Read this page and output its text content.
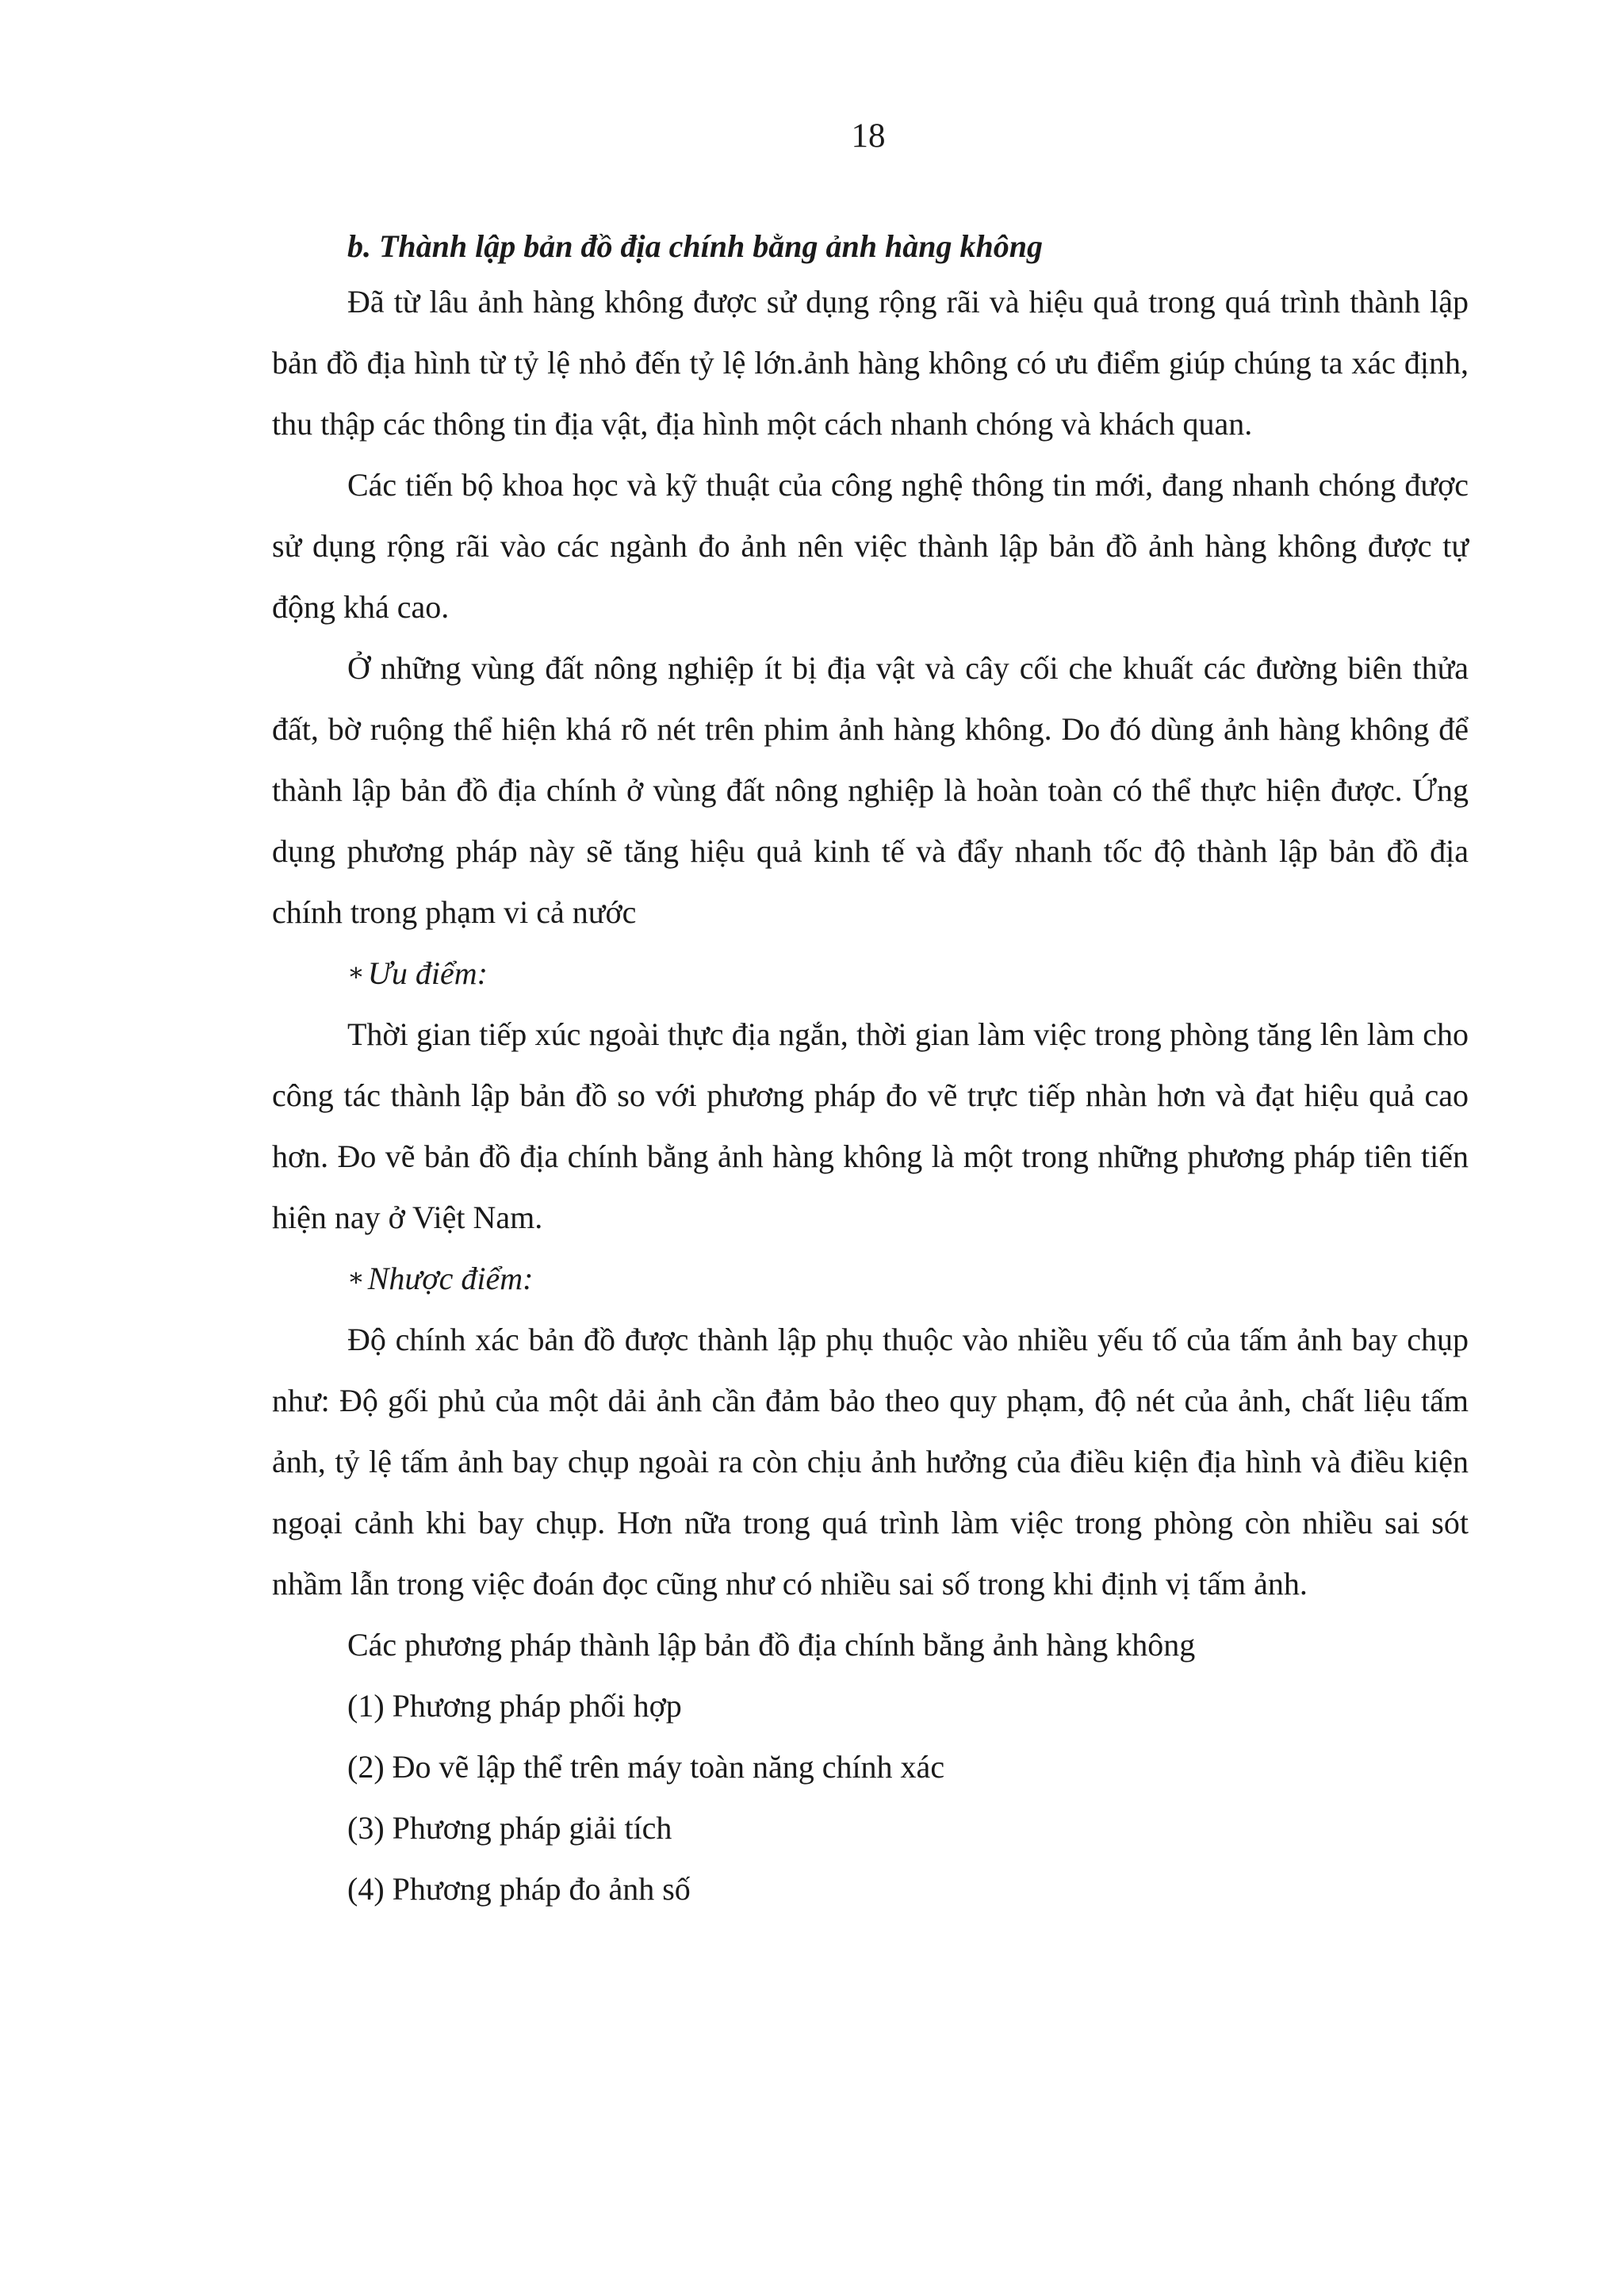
18

b. Thành lập bản đồ địa chính bằng ảnh hàng không

Đã từ lâu ảnh hàng không được sử dụng rộng rãi và hiệu quả trong quá trình thành lập bản đồ địa hình từ tỷ lệ nhỏ đến tỷ lệ lớn.ảnh hàng không có ưu điểm giúp chúng ta xác định, thu thập các thông tin địa vật, địa hình một cách nhanh chóng và khách quan.

Các tiến bộ khoa học và kỹ thuật của công nghệ thông tin mới, đang nhanh chóng được sử dụng rộng rãi vào các ngành đo ảnh nên việc thành lập bản đồ ảnh hàng không được tự động khá cao.

Ở những vùng đất nông nghiệp ít bị địa vật và cây cối che khuất các đường biên thửa đất, bờ ruộng thể hiện khá rõ nét trên phim ảnh hàng không. Do đó dùng ảnh hàng không để thành lập bản đồ địa chính ở vùng đất nông nghiệp là hoàn toàn có thể thực hiện được. Ứng dụng phương pháp này sẽ tăng hiệu quả kinh tế và đẩy nhanh tốc độ thành lập bản đồ địa chính trong phạm vi cả nước

∗ Ưu điểm:

Thời gian tiếp xúc ngoài thực địa ngắn, thời gian làm việc trong phòng tăng lên làm cho công tác thành lập bản đồ so với phương pháp đo vẽ trực tiếp nhàn hơn và đạt hiệu quả cao hơn. Đo vẽ bản đồ địa chính bằng ảnh hàng không là một trong những phương pháp tiên tiến hiện nay ở Việt Nam.

∗ Nhược điểm:

Độ chính xác bản đồ được thành lập phụ thuộc vào nhiều yếu tố của tấm ảnh bay chụp như: Độ gối phủ của một dải ảnh cần đảm bảo theo quy phạm, độ nét của ảnh, chất liệu tấm ảnh, tỷ lệ tấm ảnh bay chụp ngoài ra còn chịu ảnh hưởng của điều kiện địa hình và điều kiện ngoại cảnh khi bay chụp. Hơn nữa trong quá trình làm việc trong phòng còn nhiều sai sót nhầm lẫn trong việc đoán đọc cũng như có nhiều sai số trong khi định vị tấm ảnh.

Các phương pháp thành lập bản đồ địa chính bằng ảnh hàng không

(1) Phương pháp phối hợp

(2) Đo vẽ lập thể trên máy toàn năng chính xác

(3) Phương pháp giải tích

(4) Phương pháp đo ảnh số
